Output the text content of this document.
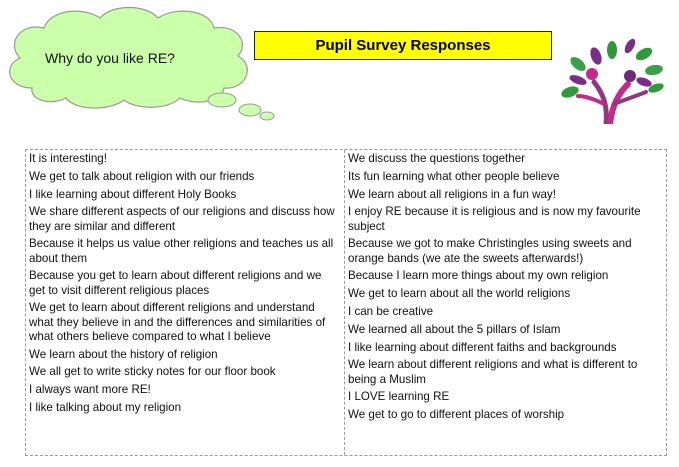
Why do you like RE?
Pupil Survey Responses
It is interesting!
We get to talk about religion with our friends
I like learning about different Holy Books
We share different aspects of our religions and discuss how they are similar and different
Because it helps us value other religions and teaches us all about them
Because you get to learn about different religions and we get to visit different religious places
We get to learn about different religions and understand what they believe in and the differences and similarities of what others believe compared to what I believe
We learn about the history of religion
We all get to write sticky notes for our floor book
I always want more RE!
I like talking about my religion
We discuss the questions together
Its fun learning what other people believe
We learn about all religions in a fun way!
I enjoy RE because it is religious and is now my favourite subject
Because we got to make Christingles using sweets and orange bands (we ate the sweets afterwards!)
Because I learn more things about my own religion
We get to learn about all the world religions
I can be creative
We learned all about the 5 pillars of Islam
I like learning about different faiths and backgrounds
We learn about different religions and what is different to being a Muslim
I LOVE learning RE
We get to go to different places of worship
